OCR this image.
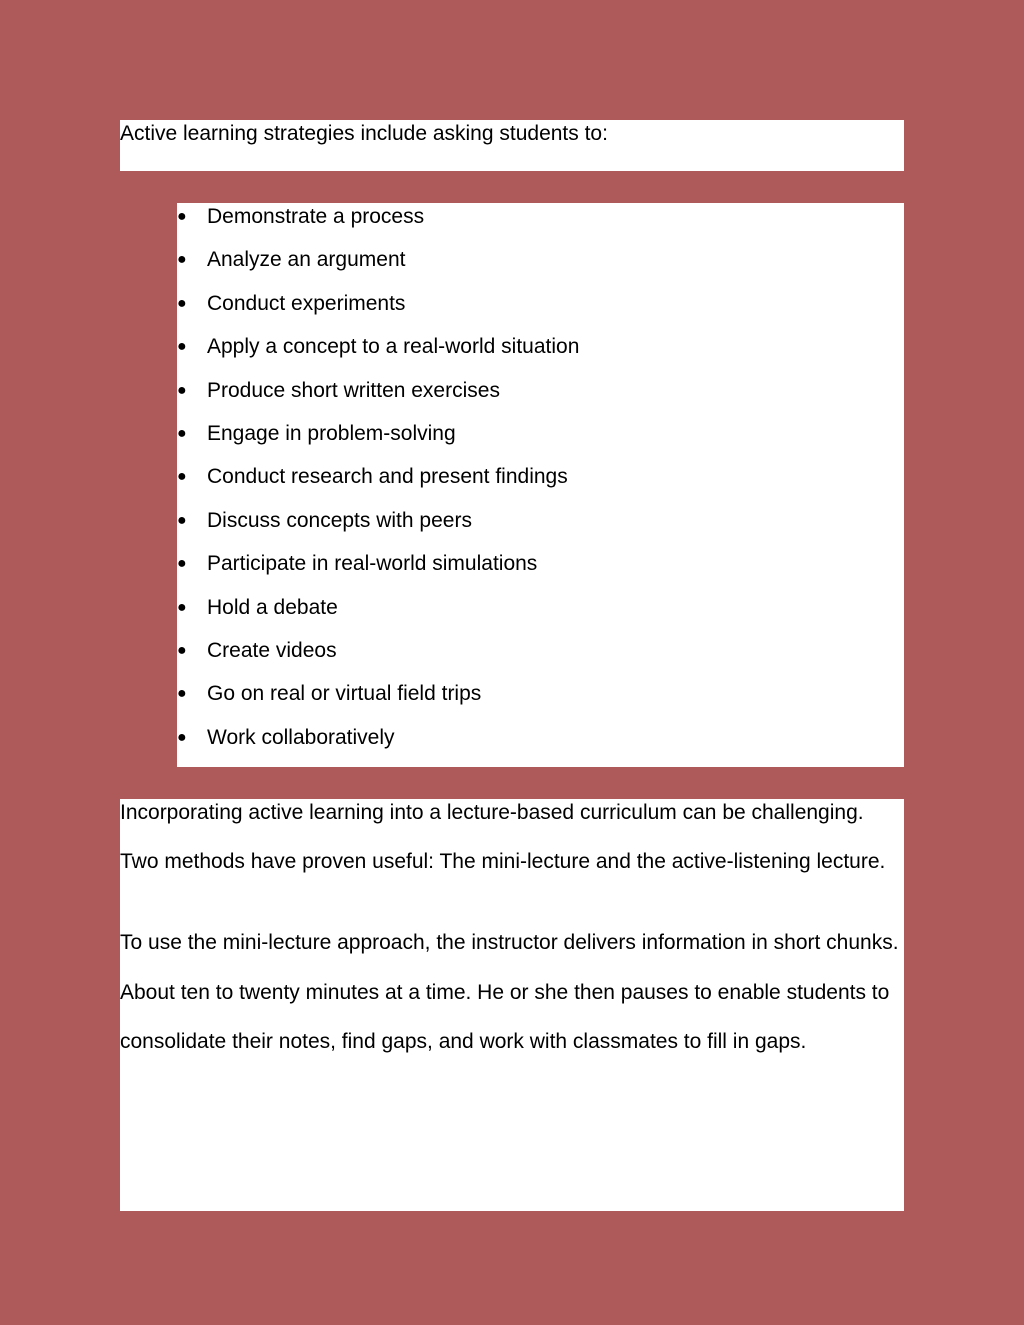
Active learning strategies include asking students to:

● Demonstrate a process
● Analyze an argument
● Conduct experiments
● Apply a concept to a real-world situation
● Produce short written exercises
● Engage in problem-solving
● Conduct research and present findings
● Discuss concepts with peers
● Participate in real-world simulations
● Hold a debate
● Create videos
● Go on real or virtual field trips
● Work collaboratively

Incorporating active learning into a lecture-based curriculum can be challenging. Two methods have proven useful: The mini-lecture and the active-listening lecture.

To use the mini-lecture approach, the instructor delivers information in short chunks. About ten to twenty minutes at a time. He or she then pauses to enable students to consolidate their notes, find gaps, and work with classmates to fill in gaps.
